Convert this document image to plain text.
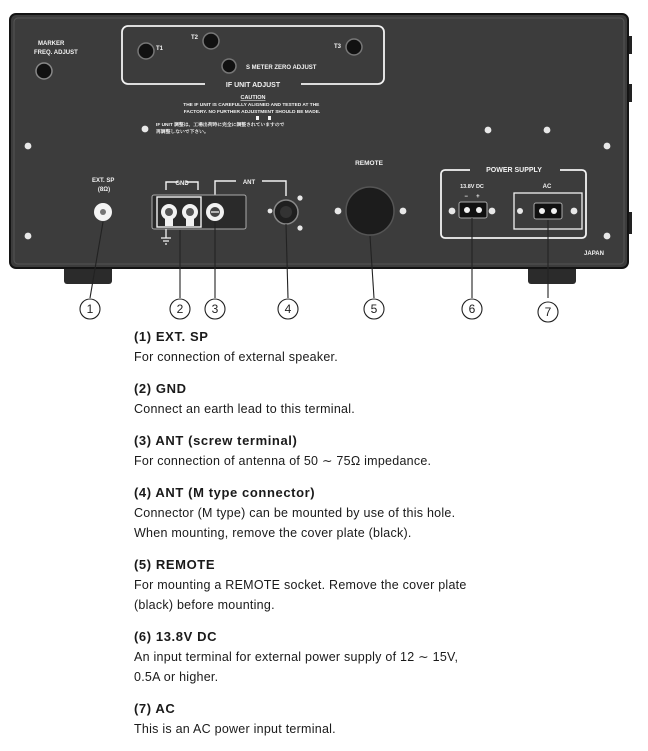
MARKER FREQ. ADJUST
T1
T2
T3
S METER ZERO ADJUST
IF UNIT ADJUST
CAUTION
THE IF UNIT IS CAREFULLY ALIGNED AND TESTED AT THE FACTORY. NO FURTHER ADJUSTMENT SHOULD BE MADE.
IF UNIT 調整は、工場出荷時に完全に調整されていますので 再調整しないで下さい。
EXT. SP (8Ω)
GND	ANT
REMOTE
POWER SUPPLY
13.8V DC
−     +
AC
JAPAN
1	2 3	4	5	6	7
(1) EXT. SP
For connection of external speaker.
(2) GND
Connect an earth lead to this terminal.
(3) ANT (screw terminal)
For connection of antenna of 50 ∼ 75Ω impedance.
(4) ANT (M type connector)
Connector (M type) can be mounted by use of this hole.
When mounting, remove the cover plate (black).
(5) REMOTE
For mounting a REMOTE socket. Remove the cover plate
(black) before mounting.
(6) 13.8V DC
An input terminal for external power supply of 12 ∼ 15V,
0.5A or higher.
(7) AC
This is an AC power input terminal.
